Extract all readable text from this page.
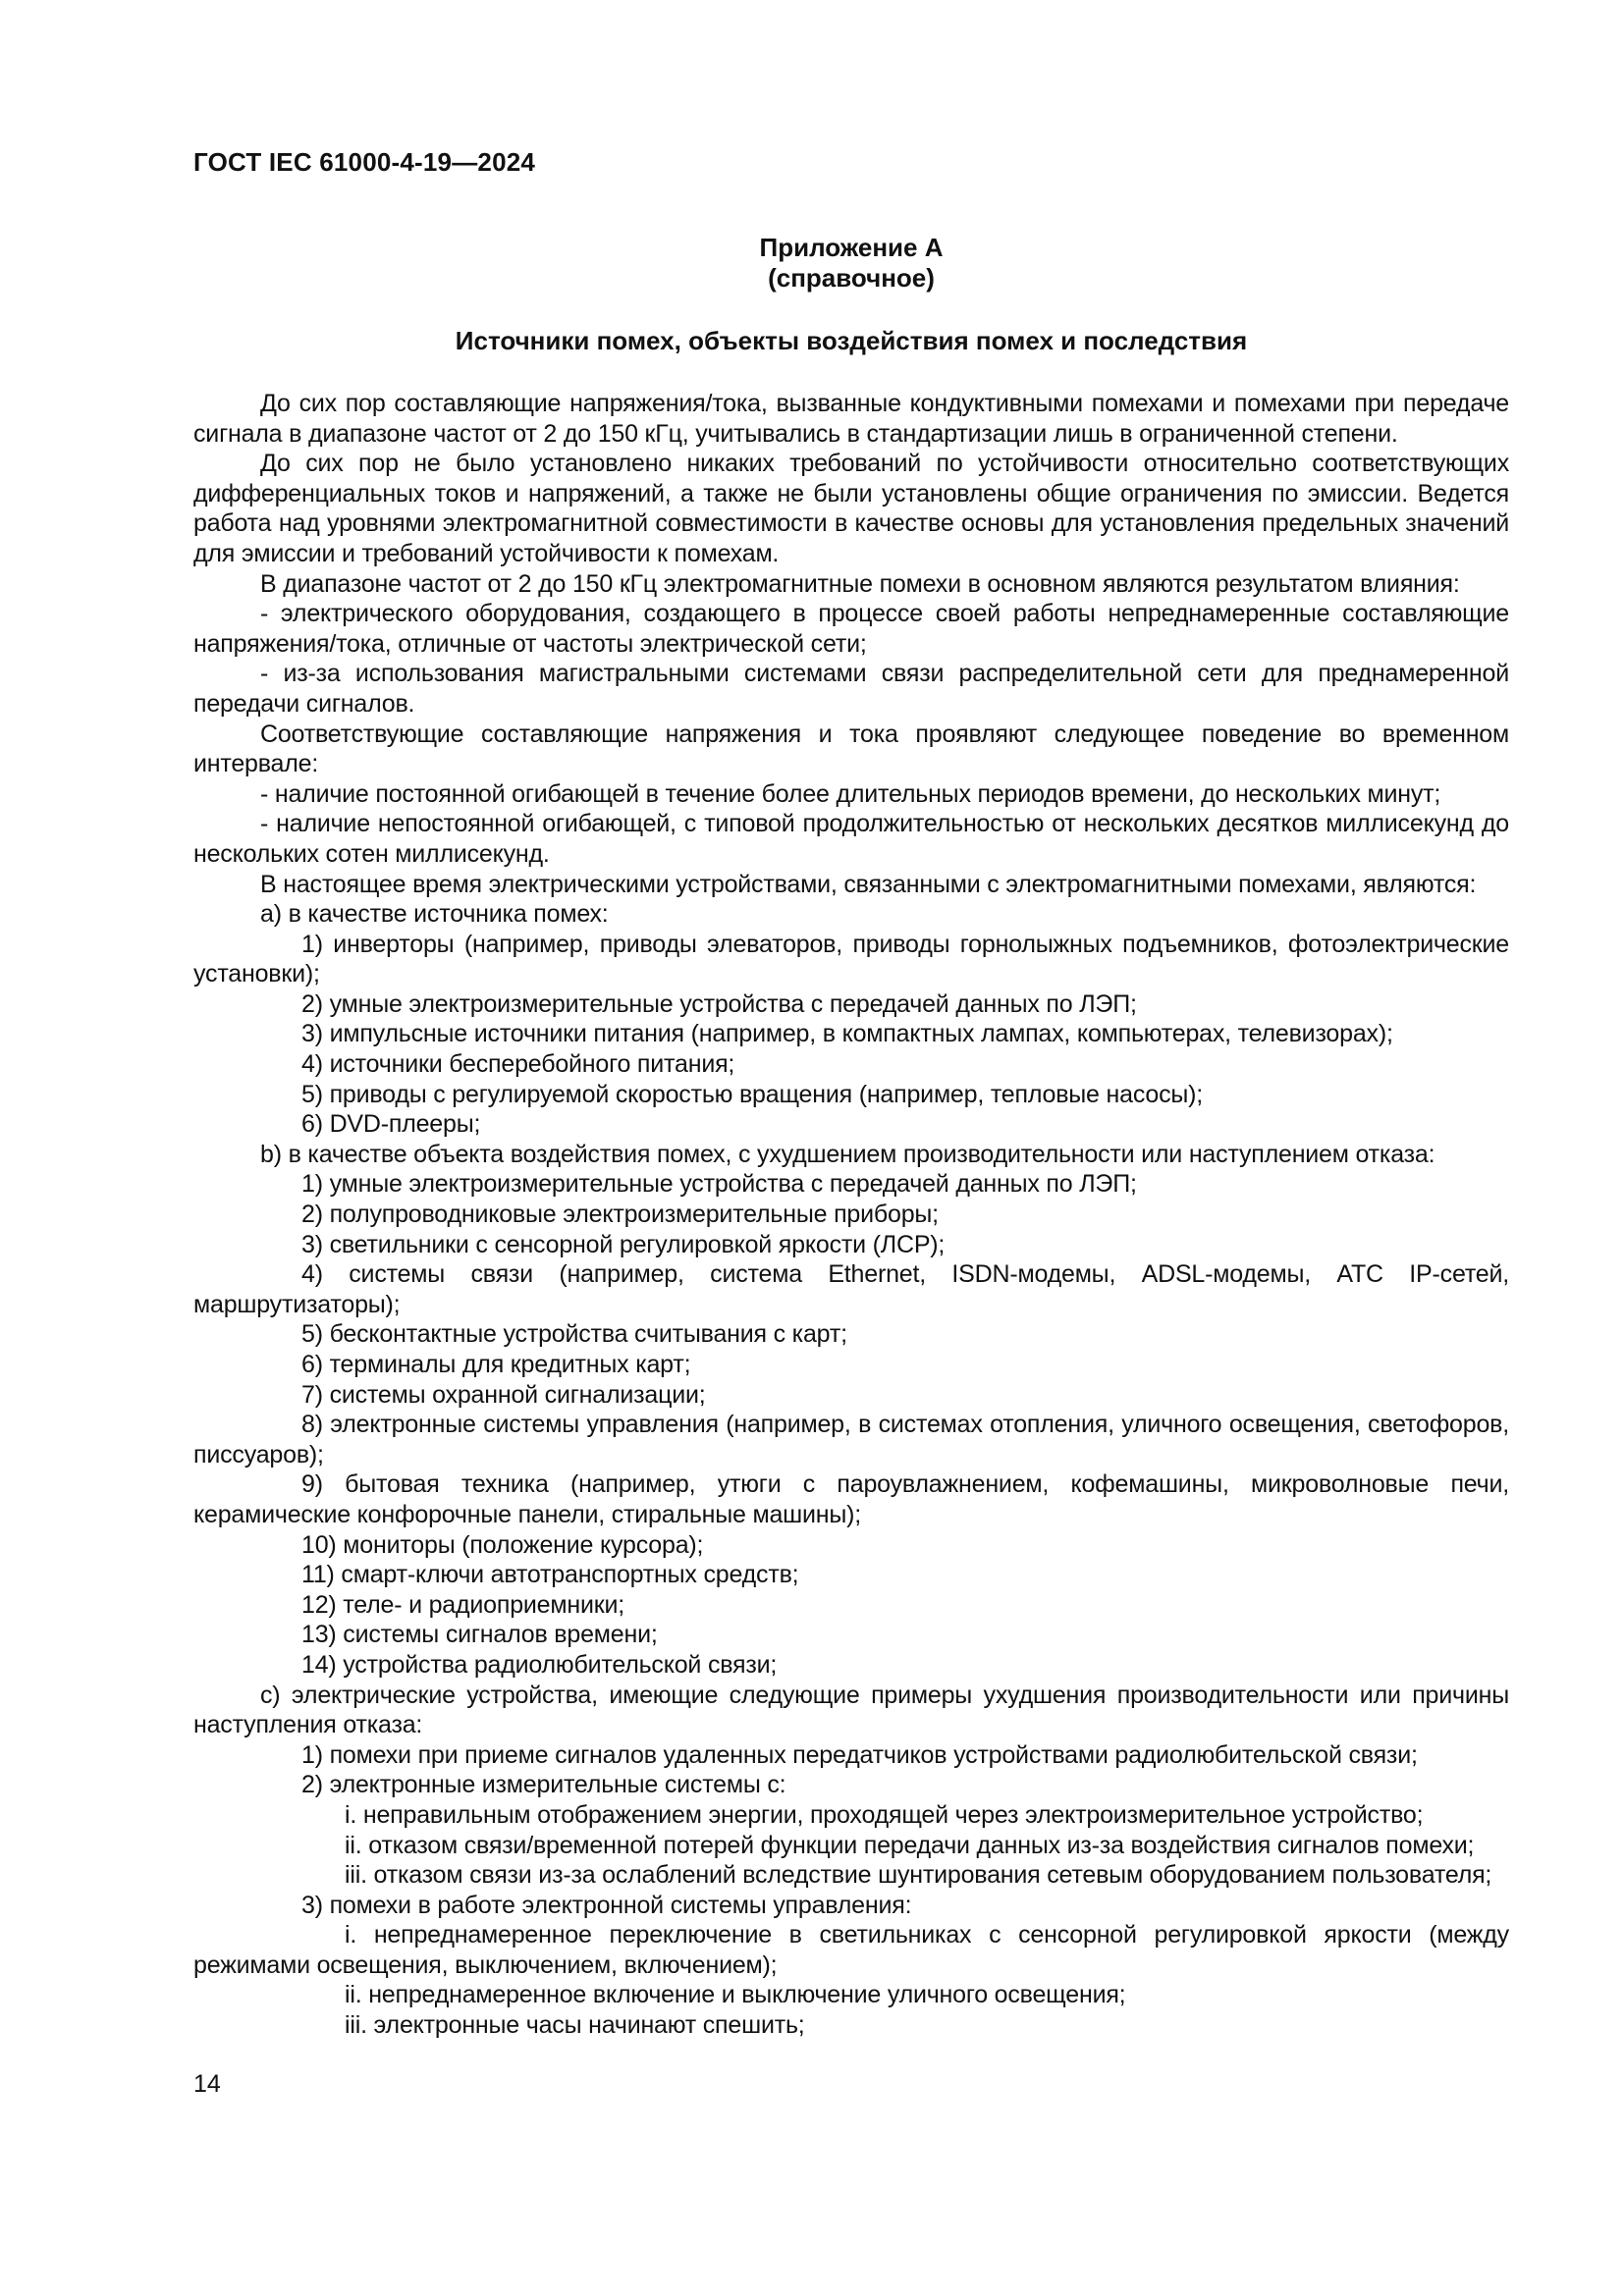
ГОСТ IEC 61000-4-19—2024
Приложение А
(справочное)
Источники помех, объекты воздействия помех и последствия
До сих пор составляющие напряжения/тока, вызванные кондуктивными помехами и помехами при передаче сигнала в диапазоне частот от 2 до 150 кГц, учитывались в стандартизации лишь в ограниченной степени.
До сих пор не было установлено никаких требований по устойчивости относительно соответствующих дифференциальных токов и напряжений, а также не были установлены общие ограничения по эмиссии. Ведется работа над уровнями электромагнитной совместимости в качестве основы для установления предельных значений для эмиссии и требований устойчивости к помехам.
В диапазоне частот от 2 до 150 кГц электромагнитные помехи в основном являются результатом влияния:
- электрического оборудования, создающего в процессе своей работы непреднамеренные составляющие напряжения/тока, отличные от частоты электрической сети;
- из-за использования магистральными системами связи распределительной сети для преднамеренной передачи сигналов.
Соответствующие составляющие напряжения и тока проявляют следующее поведение во временном интервале:
- наличие постоянной огибающей в течение более длительных периодов времени, до нескольких минут;
- наличие непостоянной огибающей, с типовой продолжительностью от нескольких десятков миллисекунд до нескольких сотен миллисекунд.
В настоящее время электрическими устройствами, связанными с электромагнитными помехами, являются:
a) в качестве источника помех:
1) инверторы (например, приводы элеваторов, приводы горнолыжных подъемников, фотоэлектрические установки);
2) умные электроизмерительные устройства с передачей данных по ЛЭП;
3) импульсные источники питания (например, в компактных лампах, компьютерах, телевизорах);
4) источники бесперебойного питания;
5) приводы с регулируемой скоростью вращения (например, тепловые насосы);
6) DVD-плееры;
b) в качестве объекта воздействия помех, с ухудшением производительности или наступлением отказа:
1) умные электроизмерительные устройства с передачей данных по ЛЭП;
2) полупроводниковые электроизмерительные приборы;
3) светильники с сенсорной регулировкой яркости (ЛСР);
4) системы связи (например, система Ethernet, ISDN-модемы, ADSL-модемы, АТС IP-сетей, маршрутизаторы);
5) бесконтактные устройства считывания с карт;
6) терминалы для кредитных карт;
7) системы охранной сигнализации;
8) электронные системы управления (например, в системах отопления, уличного освещения, светофоров, писсуаров);
9) бытовая техника (например, утюги с пароувлажнением, кофемашины, микроволновые печи, керамические конфорочные панели, стиральные машины);
10) мониторы (положение курсора);
11) смарт-ключи автотранспортных средств;
12) теле- и радиоприемники;
13) системы сигналов времени;
14) устройства радиолюбительской связи;
c) электрические устройства, имеющие следующие примеры ухудшения производительности или причины наступления отказа:
1) помехи при приеме сигналов удаленных передатчиков устройствами радиолюбительской связи;
2) электронные измерительные системы с:
i. неправильным отображением энергии, проходящей через электроизмерительное устройство;
ii. отказом связи/временной потерей функции передачи данных из-за воздействия сигналов помехи;
iii. отказом связи из-за ослаблений вследствие шунтирования сетевым оборудованием пользователя;
3) помехи в работе электронной системы управления:
i. непреднамеренное переключение в светильниках с сенсорной регулировкой яркости (между режимами освещения, выключением, включением);
ii. непреднамеренное включение и выключение уличного освещения;
iii. электронные часы начинают спешить;
14
